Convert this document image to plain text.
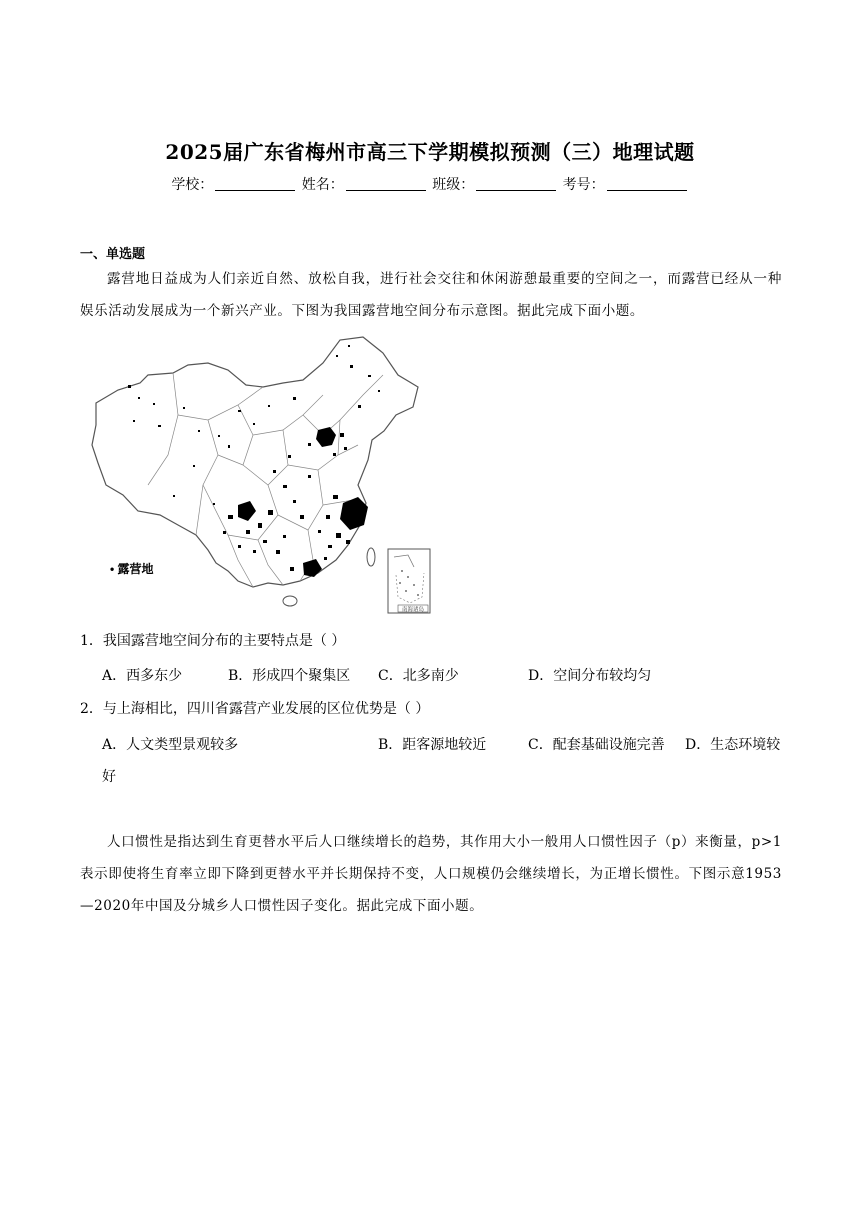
2025届广东省梅州市高三下学期模拟预测（三）地理试题
学校：	姓名：	班级：	考号：
一、单选题
露营地日益成为人们亲近自然、放松自我，进行社会交往和休闲游憩最重要的空间之一，而露营已经从一种娱乐活动发展成为一个新兴产业。下图为我国露营地空间分布示意图。据此完成下面小题。
• 露营地
南海诸岛
1．我国露营地空间分布的主要特点是（ ）
A．西多东少	B．形成四个聚集区 C．北多南少	D．空间分布较均匀
2．与上海相比，四川省露营产业发展的区位优势是（ ）
A．人文类型景观较多	B．距客源地较近	C．配套基础设施完善 D．生态环境较
好
人口惯性是指达到生育更替水平后人口继续增长的趋势，其作用大小一般用人口惯性因子（p）来衡量，p>1表示即使将生育率立即下降到更替水平并长期保持不变，人口规模仍会继续增长，为正增长惯性。下图示意1953—2020年中国及分城乡人口惯性因子变化。据此完成下面小题。
